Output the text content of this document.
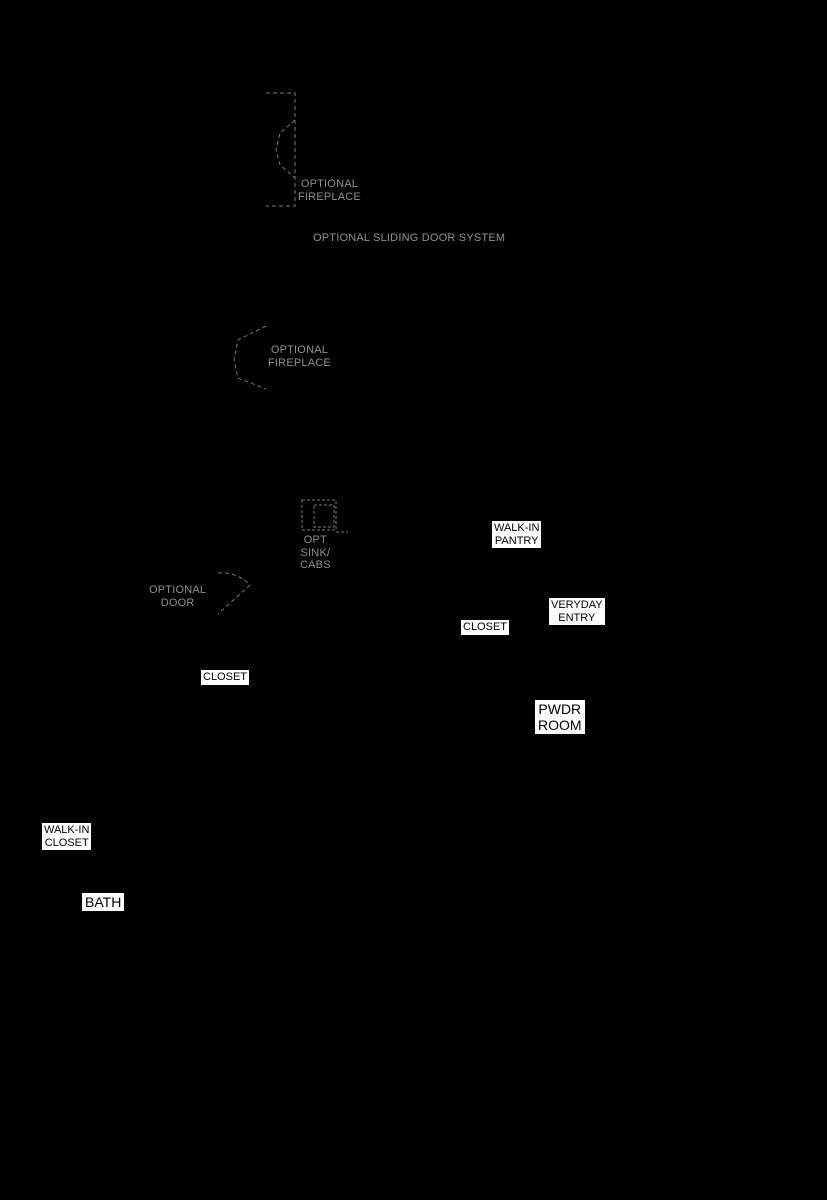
OPTIONAL
FIREPLACE
OPTIONAL SLIDING DOOR SYSTEM
OPTIONAL
FIREPLACE
OPT
SINK/
CABS
OPTIONAL
DOOR
WALK-IN
PANTRY
VERYDAY
ENTRY
CLOSET
CLOSET
PWDR
ROOM
WALK-IN
CLOSET
BATH
